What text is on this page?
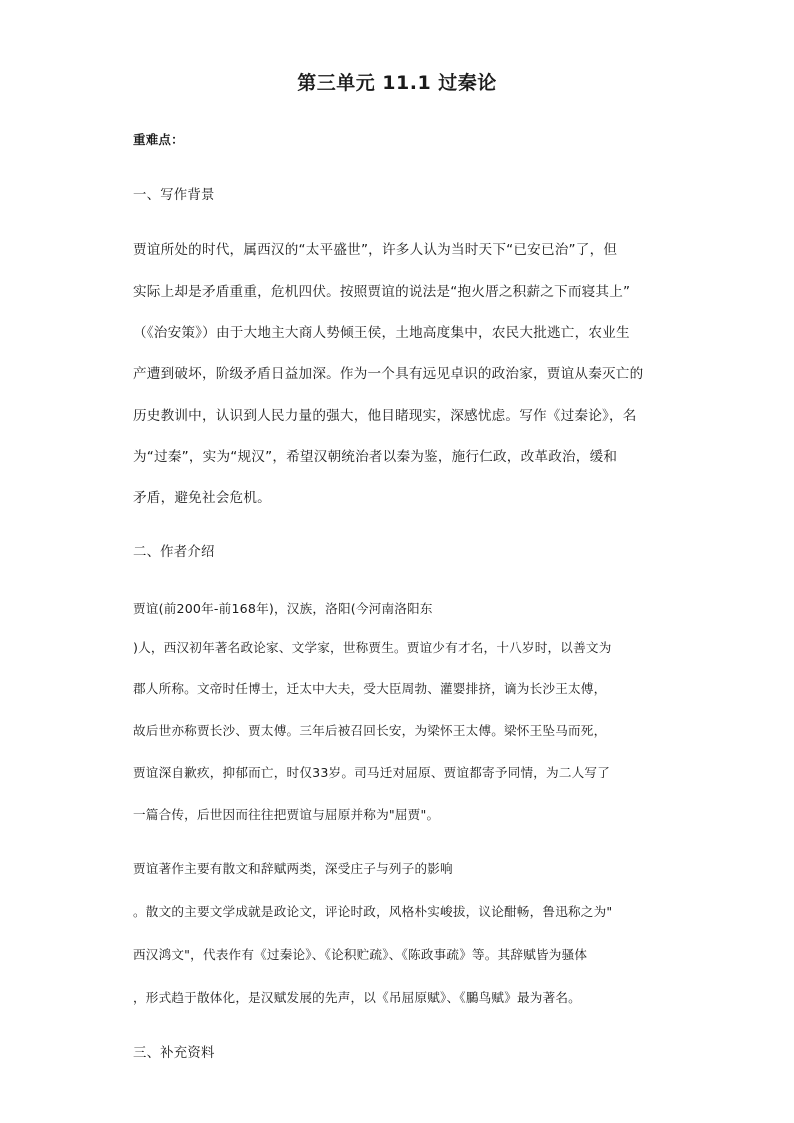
第三单元 11.1 过秦论
重难点：
一、写作背景
贾谊所处的时代，属西汉的“太平盛世”，许多人认为当时天下“已安已治”了，但
实际上却是矛盾重重，危机四伏。按照贾谊的说法是“抱火厝之积薪之下而寝其上”
（《治安策》）由于大地主大商人势倾王侯，土地高度集中，农民大批逃亡，农业生
产遭到破坏，阶级矛盾日益加深。作为一个具有远见卓识的政治家，贾谊从秦灭亡的
历史教训中，认识到人民力量的强大，他目睹现实，深感忧虑。写作《过秦论》，名
为“过秦”，实为“规汉”，希望汉朝统治者以秦为鉴，施行仁政，改革政治，缓和
矛盾，避免社会危机。
二、作者介绍
贾谊(前200年-前168年)，汉族，洛阳(今河南洛阳东
)人，西汉初年著名政论家、文学家，世称贾生。贾谊少有才名，十八岁时，以善文为
郡人所称。文帝时任博士，迁太中大夫，受大臣周勃、灌婴排挤，谪为长沙王太傅，
故后世亦称贾长沙、贾太傅。三年后被召回长安，为梁怀王太傅。梁怀王坠马而死，
贾谊深自歉疚，抑郁而亡，时仅33岁。司马迁对屈原、贾谊都寄予同情，为二人写了
一篇合传，后世因而往往把贾谊与屈原并称为"屈贾"。
贾谊著作主要有散文和辞赋两类，深受庄子与列子的影响
。散文的主要文学成就是政论文，评论时政，风格朴实峻拔，议论酣畅，鲁迅称之为"
西汉鸿文"，代表作有《过秦论》、《论积贮疏》、《陈政事疏》等。其辞赋皆为骚体
，形式趋于散体化，是汉赋发展的先声，以《吊屈原赋》、《鵩鸟赋》最为著名。
三、补充资料
